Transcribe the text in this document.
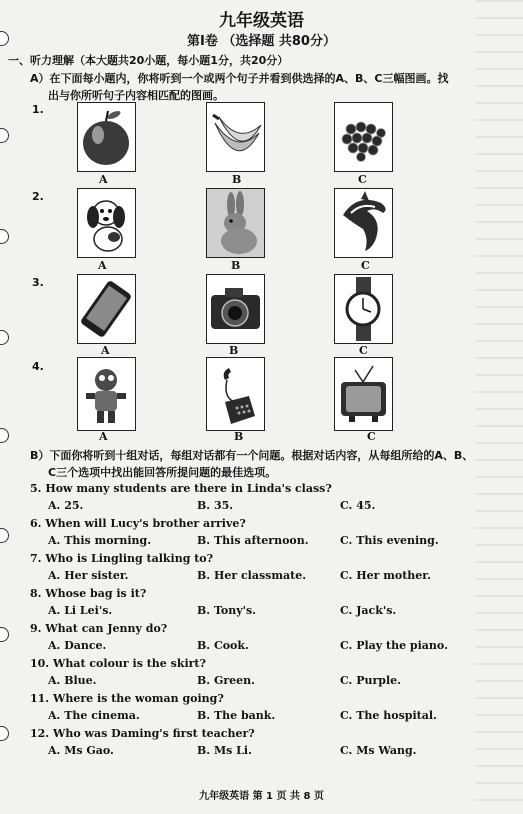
九年级英语
第Ⅰ卷 （选择题 共80分）
一、听力理解（本大题共20小题，每小题1分，共20分）
A）在下面每小题内，你将听到一个或两个句子并看到供选择的A、B、C三幅图画。找
出与你所听句子内容相匹配的图画。
1.
A	B	C
2.
A	B	C
3.
A	B	C
4.
A	B	C
B）下面你将听到十组对话，每组对话都有一个问题。根据对话内容，从每组所给的A、B、
C三个选项中找出能回答所提问题的最佳选项。
5. How many students are there in Linda's class?
A. 25.	B. 35.	C. 45.
6. When will Lucy's brother arrive?
A. This morning.	B. This afternoon.	C. This evening.
7. Who is Lingling talking to?
A. Her sister.	B. Her classmate.	C. Her mother.
8. Whose bag is it?
A. Li Lei's.	B. Tony's.	C. Jack's.
9. What can Jenny do?
A. Dance.	B. Cook.	C. Play the piano.
10. What colour is the skirt?
A. Blue.	B. Green.	C. Purple.
11. Where is the woman going?
A. The cinema.	B. The bank.	C. The hospital.
12. Who was Daming's first teacher?
A. Ms Gao.	B. Ms Li.	C. Ms Wang.
九年级英语 第 1 页 共 8 页
